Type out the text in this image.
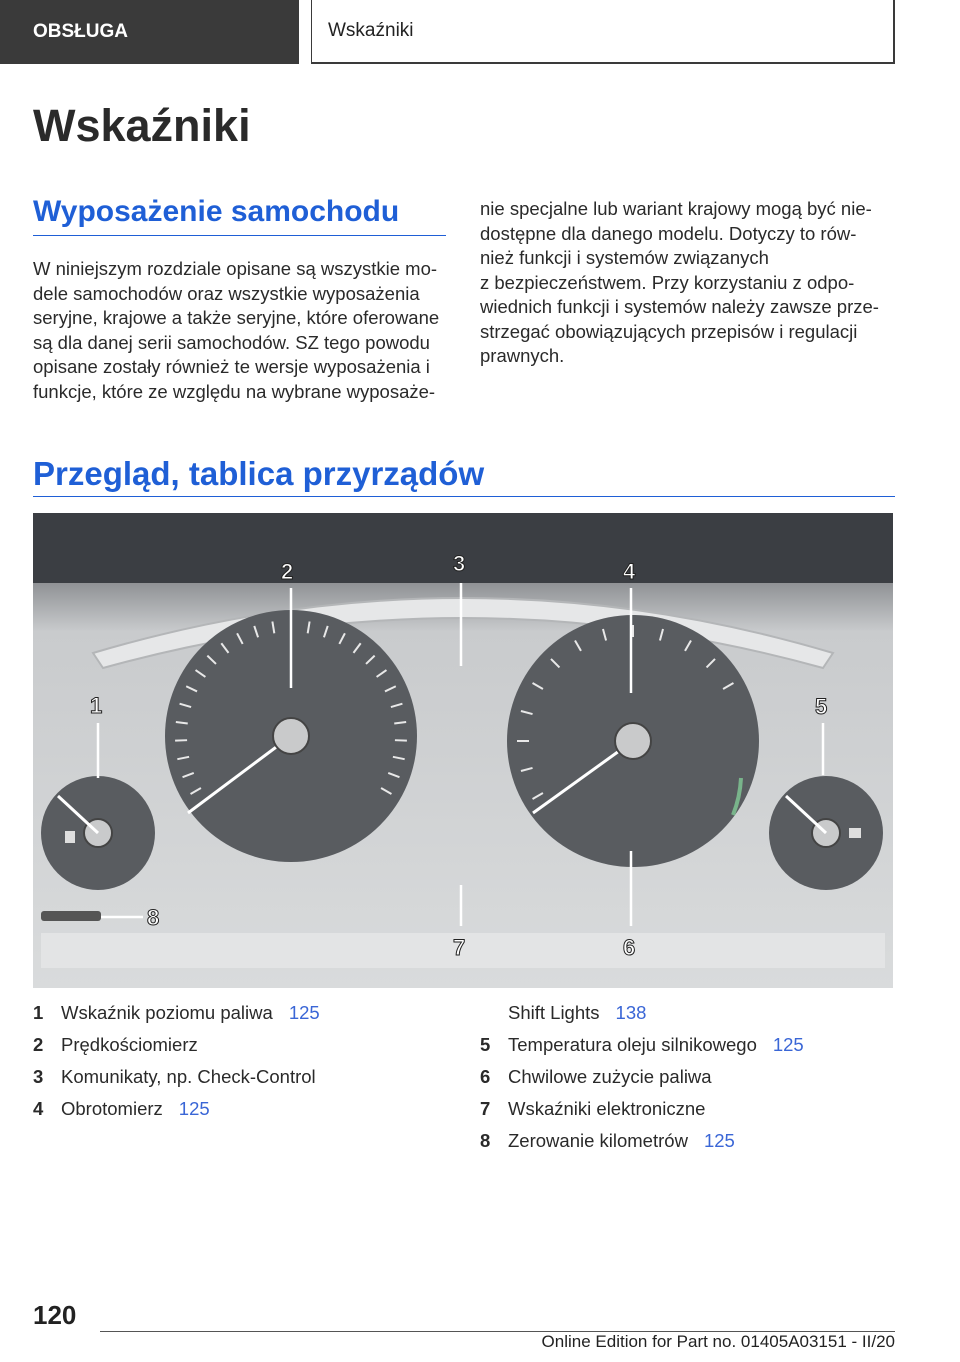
OBSŁUGA	Wskaźniki
Wskaźniki
Wyposażenie samochodu

W niniejszym rozdziale opisane są wszystkie mo‐
dele samochodów oraz wszystkie wyposażenia
seryjne, krajowe a także seryjne, które oferowane
są dla danej serii samochodów. SZ tego powodu
opisane zostały również te wersje wyposażenia i
funkcje, które ze względu na wybrane wyposaże‐

nie specjalne lub wariant krajowy mogą być nie‐
dostępne dla danego modelu. Dotyczy to rów‐
nież funkcji i systemów związanych
z bezpieczeństwem. Przy korzystaniu z odpo‐
wiednich funkcji i systemów należy zawsze prze‐
strzegać obowiązujących przepisów i regulacji
prawnych.

Przegląd, tablica przyrządów
1
2	3	4
5
6
7
8
1 Wskaźnik poziomu paliwa 125
2 Prędkościomierz
3 Komunikaty, np. Check-Control
4 Obrotomierz 125
Shift Lights 138
5 Temperatura oleju silnikowego 125
6 Chwilowe zużycie paliwa
7 Wskaźniki elektroniczne
8 Zerowanie kilometrów 125
120
Online Edition for Part no. 01405A03151 - II/20
